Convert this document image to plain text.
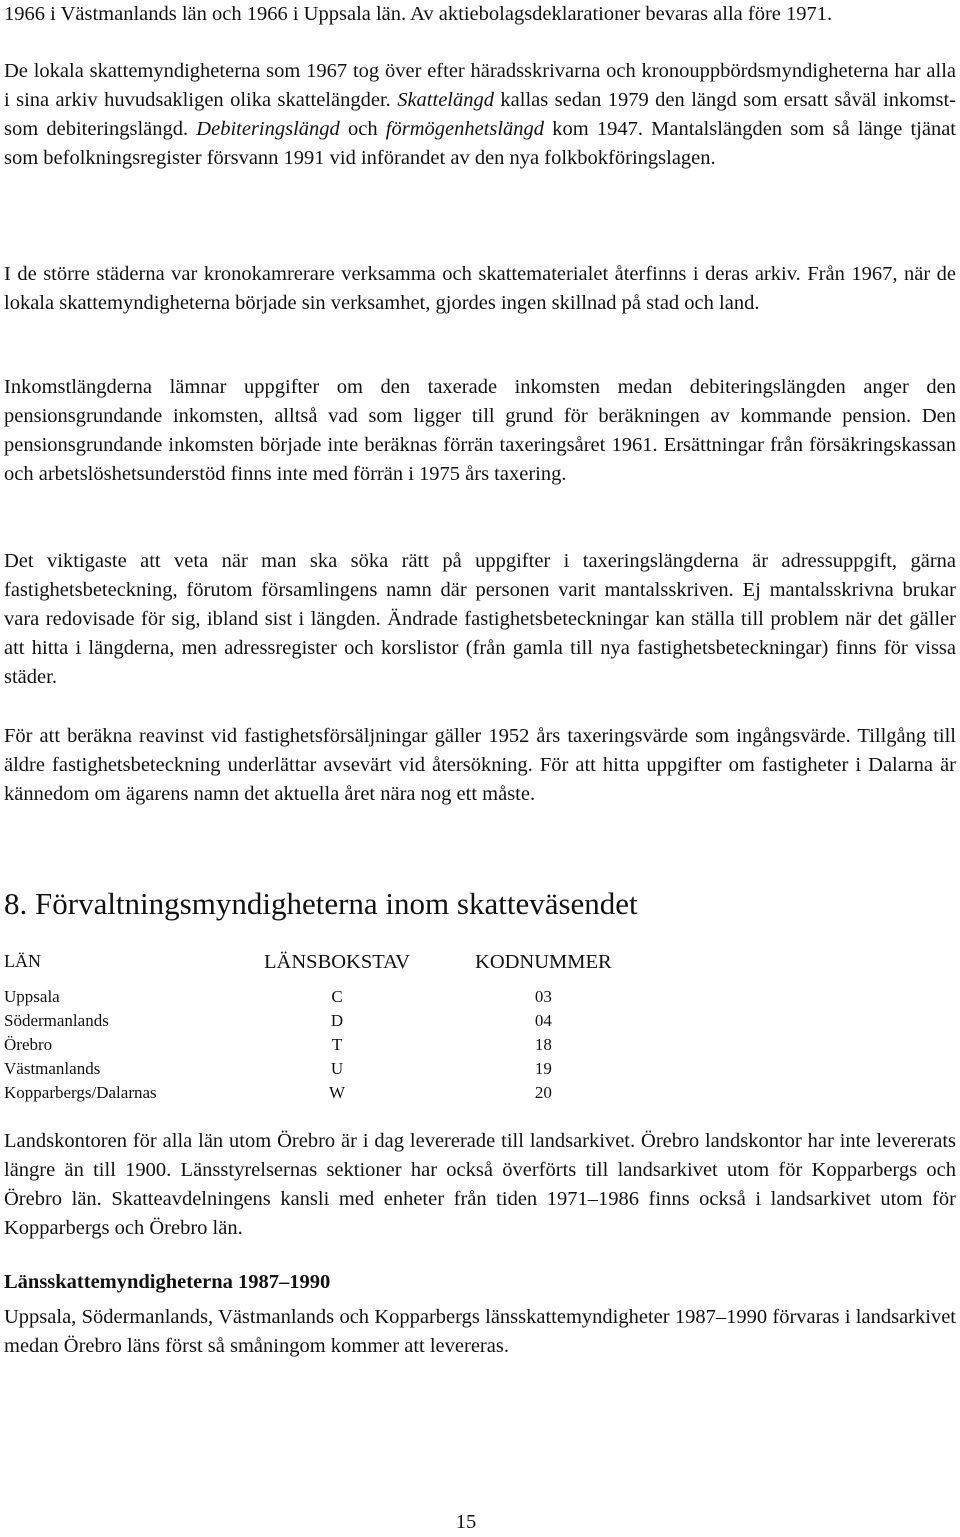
1966 i Västmanlands län och 1966 i Uppsala län. Av aktiebolagsdeklarationer bevaras alla före 1971.

De lokala skattemyndigheterna som 1967 tog över efter häradsskrivarna och kronouppbördsmyndigheterna har alla i sina arkiv huvudsakligen olika skattelängder. Skattelängd kallas sedan 1979 den längd som ersatt såväl inkomst- som debiteringslängd. Debiteringslängd och förmögenhetslängd kom 1947. Mantalslängden som så länge tjänat som befolkningsregister försvann 1991 vid införandet av den nya folkbokföringslagen.

I de större städerna var kronokamrerare verksamma och skattematerialet återfinns i deras arkiv. Från 1967, när de lokala skattemyndigheterna började sin verksamhet, gjordes ingen skillnad på stad och land.

Inkomstlängderna lämnar uppgifter om den taxerade inkomsten medan debiteringslängden anger den pensionsgrundande inkomsten, alltså vad som ligger till grund för beräkningen av kommande pension. Den pensionsgrundande inkomsten började inte beräknas förrän taxeringsåret 1961. Ersättningar från försäkringskassan och arbetslöshetsunderstöd finns inte med förrän i 1975 års taxering.

Det viktigaste att veta när man ska söka rätt på uppgifter i taxeringslängderna är adressuppgift, gärna fastighetsbeteckning, förutom församlingens namn där personen varit mantalsskriven. Ej mantalsskrivna brukar vara redovisade för sig, ibland sist i längden. Ändrade fastighetsbeteckningar kan ställa till problem när det gäller att hitta i längderna, men adressregister och korslistor (från gamla till nya fastighetsbeteckningar) finns för vissa städer.

För att beräkna reavinst vid fastighetsförsäljningar gäller 1952 års taxeringsvärde som ingångsvärde. Tillgång till äldre fastighetsbeteckning underlättar avsevärt vid återsökning. För att hitta uppgifter om fastigheter i Dalarna är kännedom om ägarens namn det aktuella året nära nog ett måste.

8. Förvaltningsmyndigheterna inom skatteväsendet
LÄN	LÄNSBOKSTAV	KODNUMMER
Uppsala	C	03
Södermanlands	D	04
Örebro	T	18
Västmanlands	U	19
Kopparbergs/Dalarnas	W	20

Landskontoren för alla län utom Örebro är i dag levererade till landsarkivet. Örebro landskontor har inte levererats längre än till 1900. Länsstyrelsernas sektioner har också överförts till landsarkivet utom för Kopparbergs och Örebro län. Skatteavdelningens kansli med enheter från tiden 1971–1986 finns också i landsarkivet utom för Kopparbergs och Örebro län.

Länsskattemyndigheterna 1987–1990

Uppsala, Södermanlands, Västmanlands och Kopparbergs länsskattemyndigheter 1987–1990 förvaras i landsarkivet medan Örebro läns först så småningom kommer att levereras.

15
